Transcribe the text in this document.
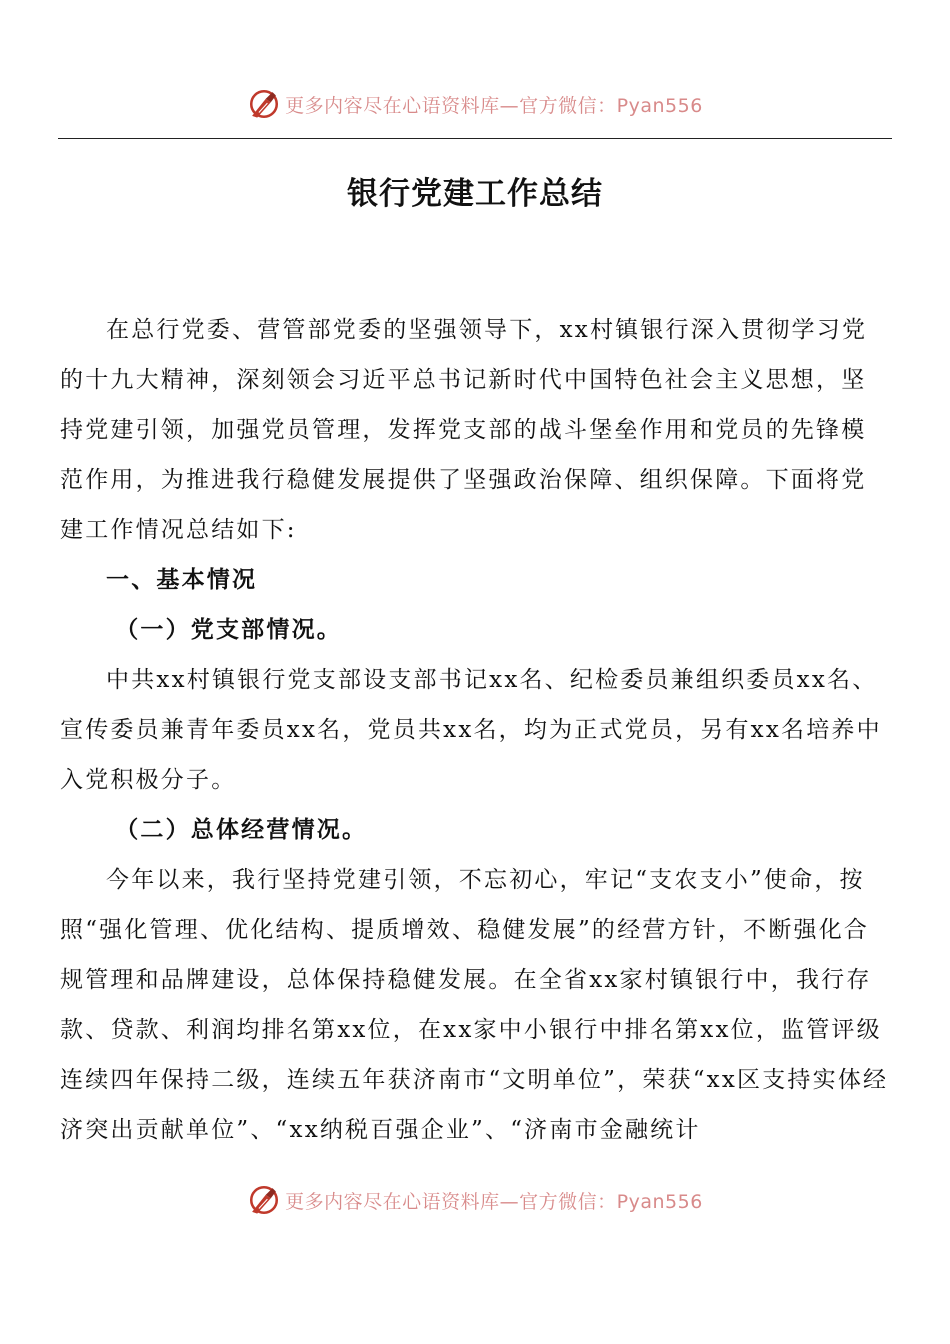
更多内容尽在心语资料库—官方微信：Pyan556
银行党建工作总结

在总行党委、营管部党委的坚强领导下，xx村镇银行深入贯彻学习党的十九大精神，深刻领会习近平总书记新时代中国特色社会主义思想，坚持党建引领，加强党员管理，发挥党支部的战斗堡垒作用和党员的先锋模范作用，为推进我行稳健发展提供了坚强政治保障、组织保障。下面将党建工作情况总结如下:

一、基本情况

（一）党支部情况。

中共xx村镇银行党支部设支部书记xx名、纪检委员兼组织委员xx名、宣传委员兼青年委员xx名，党员共xx名，均为正式党员，另有xx名培养中入党积极分子。

（二）总体经营情况。

今年以来，我行坚持党建引领，不忘初心，牢记“支农支小”使命，按照“强化管理、优化结构、提质增效、稳健发展”的经营方针，不断强化合规管理和品牌建设，总体保持稳健发展。在全省xx家村镇银行中，我行存款、贷款、利润均排名第xx位，在xx家中小银行中排名第xx位，监管评级连续四年保持二级，连续五年获济南市“文明单位”，荣获“xx区支持实体经济突出贡献单位”、“xx纳税百强企业”、“济南市金融统计

更多内容尽在心语资料库—官方微信：Pyan556
